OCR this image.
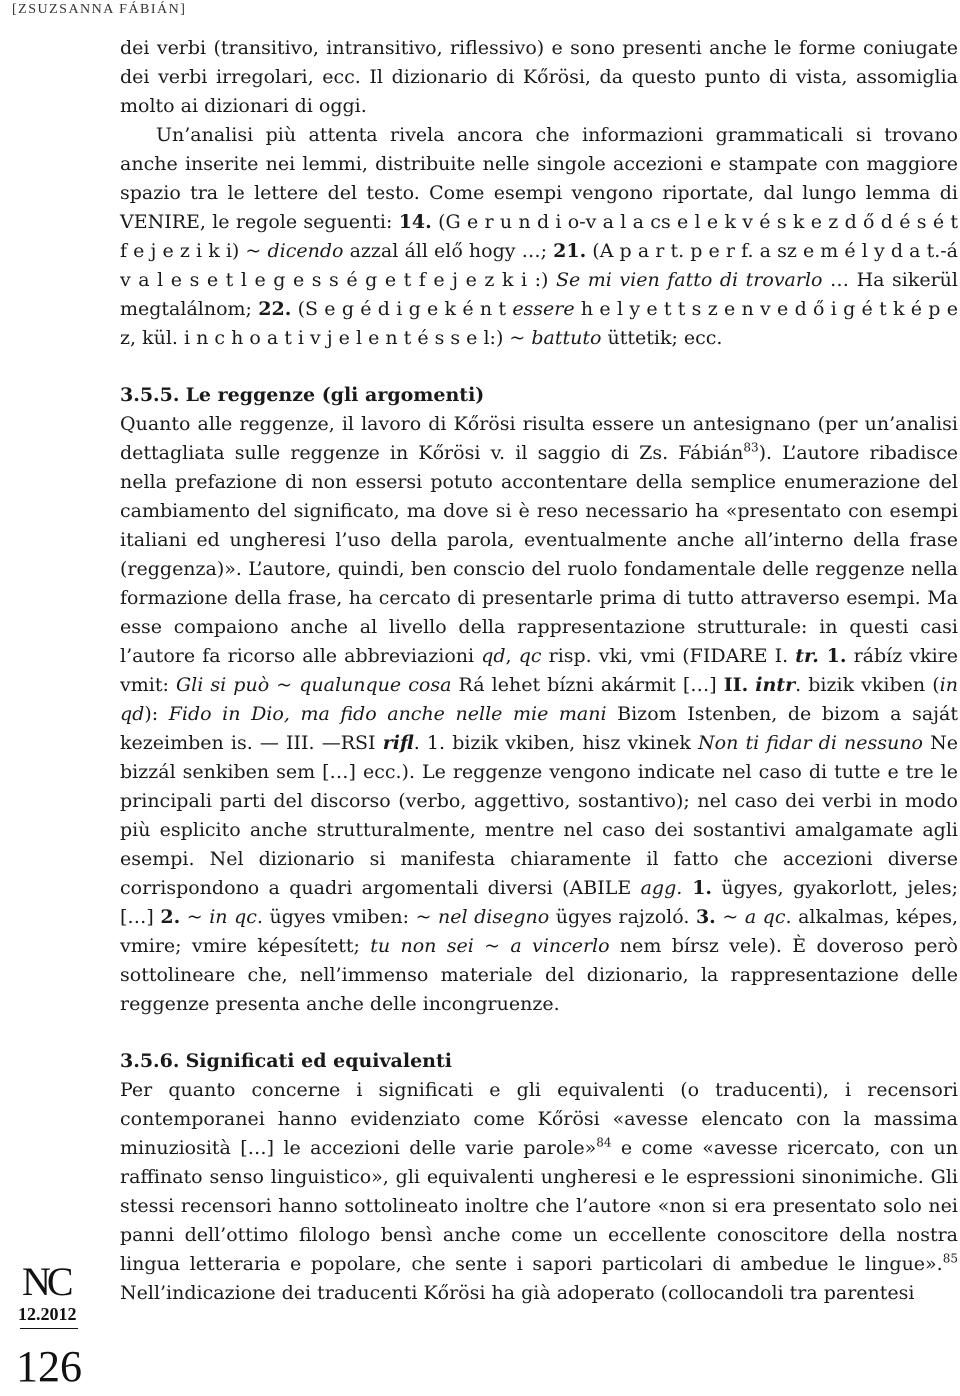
[ZSUZSANNA FÁBIÁN]

dei verbi (transitivo, intransitivo, riflessivo) e sono presenti anche le forme coniugate dei verbi irregolari, ecc. Il dizionario di Kőrösi, da questo punto di vista, assomiglia molto ai dizionari di oggi.

Un’analisi più attenta rivela ancora che informazioni grammaticali si trovano anche inserite nei lemmi, distribuite nelle singole accezioni e stampate con maggiore spazio tra le lettere del testo. Come esempi vengono riportate, dal lungo lemma di VENIRE, le regole seguenti: 14. (G e r u n d i o-v a l a cs e l e k v é s k e z d ő d é s é t f e j e z i k i) ~ dicendo azzal áll elő hogy …; 21. (A p a r t. p e r f. a sz e m é l y d a t.-á v a l e s e t l e g e s s é g e t f e j e z k i :) Se mi vien fatto di trovarlo … Ha sikerül megtalálnom; 22. (S e g é d i g e k é n t essere h e l y e t t s z e n v e d ő i g é t k é p e z, kül. i n c h o a t i v j e l e n t é s s e l:) ~ battuto üttetik; ecc.

3.5.5. Le reggenze (gli argomenti)

Quanto alle reggenze, il lavoro di Kőrösi risulta essere un antesignano (per un’analisi dettagliata sulle reggenze in Kőrösi v. il saggio di Zs. Fábián$^{83}$). L’autore ribadisce nella prefazione di non essersi potuto accontentare della semplice enumerazione del cambiamento del significato, ma dove si è reso necessario ha «presentato con esempi italiani ed ungheresi l’uso della parola, eventualmente anche all’interno della frase (reggenza)». L’autore, quindi, ben conscio del ruolo fondamentale delle reggenze nella formazione della frase, ha cercato di presentarle prima di tutto attraverso esempi. Ma esse compaiono anche al livello della rappresentazione strutturale: in questi casi l’autore fa ricorso alle abbreviazioni qd, qc risp. vki, vmi (FIDARE I. tr. 1. rábíz vkire vmit: Gli si può ~ qualunque cosa Rá lehet bízni akármit […] II. intr. bizik vkiben (in qd): Fido in Dio, ma fido anche nelle mie mani Bizom Istenben, de bizom a saját kezeimben is. — III. —RSI rifl. 1. bizik vkiben, hisz vkinek Non ti fidar di nessuno Ne bizzál senkiben sem […] ecc.). Le reggenze vengono indicate nel caso di tutte e tre le principali parti del discorso (verbo, aggettivo, sostantivo); nel caso dei verbi in modo più esplicito anche strutturalmente, mentre nel caso dei sostantivi amalgamate agli esempi. Nel dizionario si manifesta chiaramente il fatto che accezioni diverse corrispondono a quadri argomentali diversi (ABILE agg. 1. ügyes, gyakorlott, jeles; […] 2. ~ in qc. ügyes vmiben: ~ nel disegno ügyes rajzoló. 3. ~ a qc. alkalmas, képes, vmire; vmire képesített; tu non sei ~ a vincerlo nem bírsz vele). È doveroso però sottolineare che, nell’immenso materiale del dizionario, la rappresentazione delle reggenze presenta anche delle incongruenze.

3.5.6. Significati ed equivalenti

Per quanto concerne i significati e gli equivalenti (o traducenti), i recensori contemporanei hanno evidenziato come Kőrösi «avesse elencato con la massima minuziosità […] le accezioni delle varie parole»$^{84}$ e come «avesse ricercato, con un raffinato senso linguistico», gli equivalenti ungheresi e le espressioni sinonimiche. Gli stessi recensori hanno sottolineato inoltre che l’autore «non si era presentato solo nei panni dell’ottimo filologo bensì anche come un eccellente conoscitore della nostra lingua letteraria e popolare, che sente i sapori particolari di ambedue le lingue».$^{85}$ Nell’indicazione dei traducenti Kőrösi ha già adoperato (collocandoli tra parentesi

NC
12.2012
126
